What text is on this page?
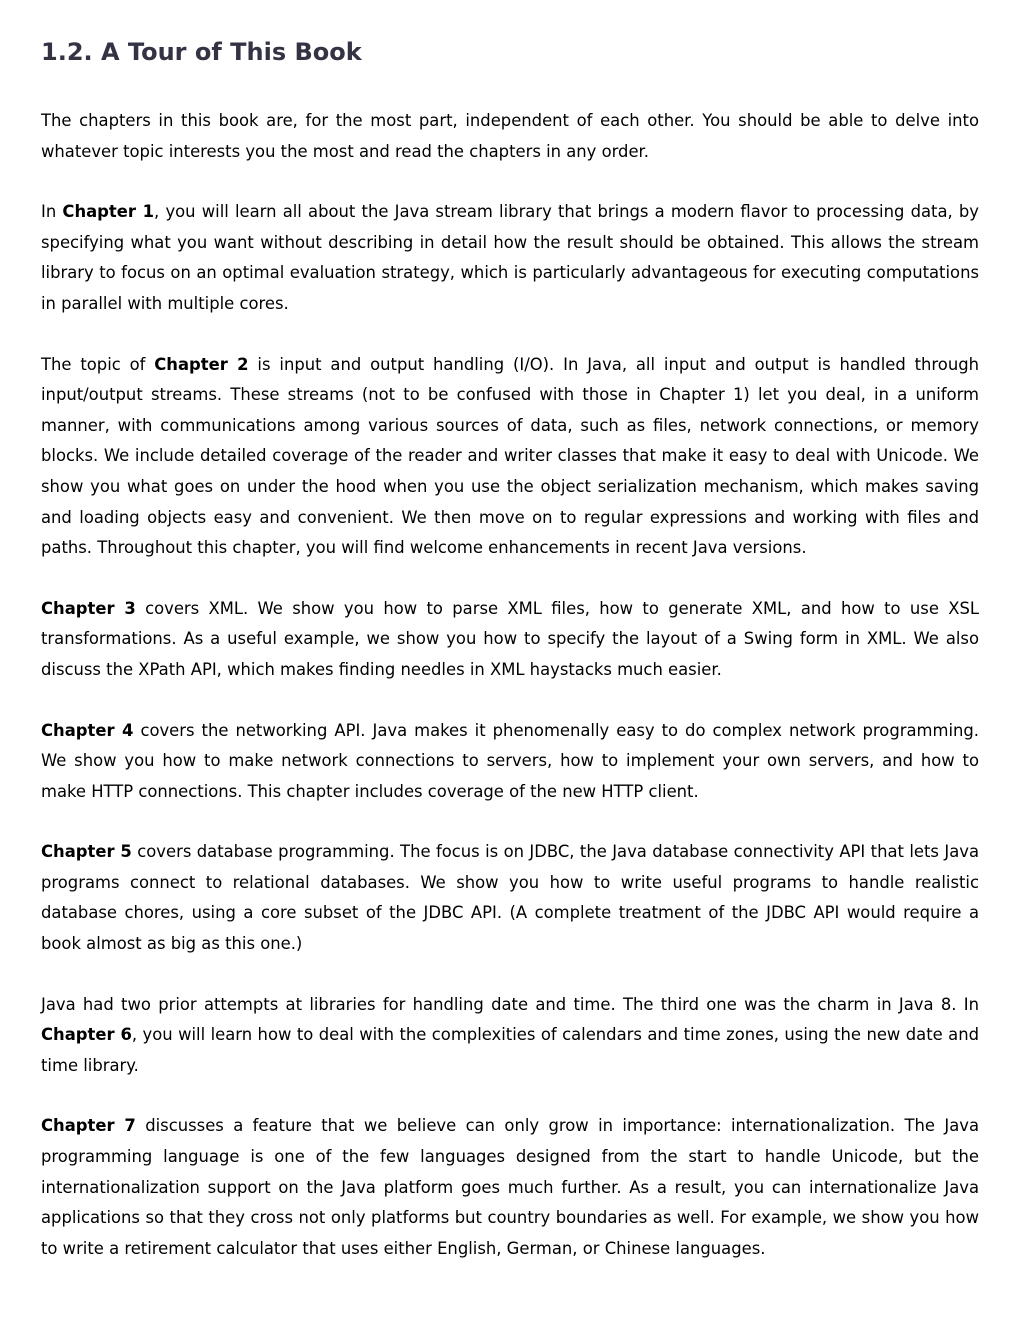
1.2. A Tour of This Book

The chapters in this book are, for the most part, independent of each other. You should be able to delve into whatever topic interests you the most and read the chapters in any order.

In Chapter 1, you will learn all about the Java stream library that brings a modern flavor to processing data, by specifying what you want without describing in detail how the result should be obtained. This allows the stream library to focus on an optimal evaluation strategy, which is particularly advantageous for executing computations in parallel with multiple cores.

The topic of Chapter 2 is input and output handling (I/O). In Java, all input and output is handled through input/output streams. These streams (not to be confused with those in Chapter 1) let you deal, in a uniform manner, with communications among various sources of data, such as files, network connections, or memory blocks. We include detailed coverage of the reader and writer classes that make it easy to deal with Unicode. We show you what goes on under the hood when you use the object serialization mechanism, which makes saving and loading objects easy and convenient. We then move on to regular expressions and working with files and paths. Throughout this chapter, you will find welcome enhancements in recent Java versions.

Chapter 3 covers XML. We show you how to parse XML files, how to generate XML, and how to use XSL transformations. As a useful example, we show you how to specify the layout of a Swing form in XML. We also discuss the XPath API, which makes finding needles in XML haystacks much easier.

Chapter 4 covers the networking API. Java makes it phenomenally easy to do complex network programming. We show you how to make network connections to servers, how to implement your own servers, and how to make HTTP connections. This chapter includes coverage of the new HTTP client.

Chapter 5 covers database programming. The focus is on JDBC, the Java database connectivity API that lets Java programs connect to relational databases. We show you how to write useful programs to handle realistic database chores, using a core subset of the JDBC API. (A complete treatment of the JDBC API would require a book almost as big as this one.)

Java had two prior attempts at libraries for handling date and time. The third one was the charm in Java 8. In Chapter 6, you will learn how to deal with the complexities of calendars and time zones, using the new date and time library.

Chapter 7 discusses a feature that we believe can only grow in importance: internationalization. The Java programming language is one of the few languages designed from the start to handle Unicode, but the internationalization support on the Java platform goes much further. As a result, you can internationalize Java applications so that they cross not only platforms but country boundaries as well. For example, we show you how to write a retirement calculator that uses either English, German, or Chinese languages.
